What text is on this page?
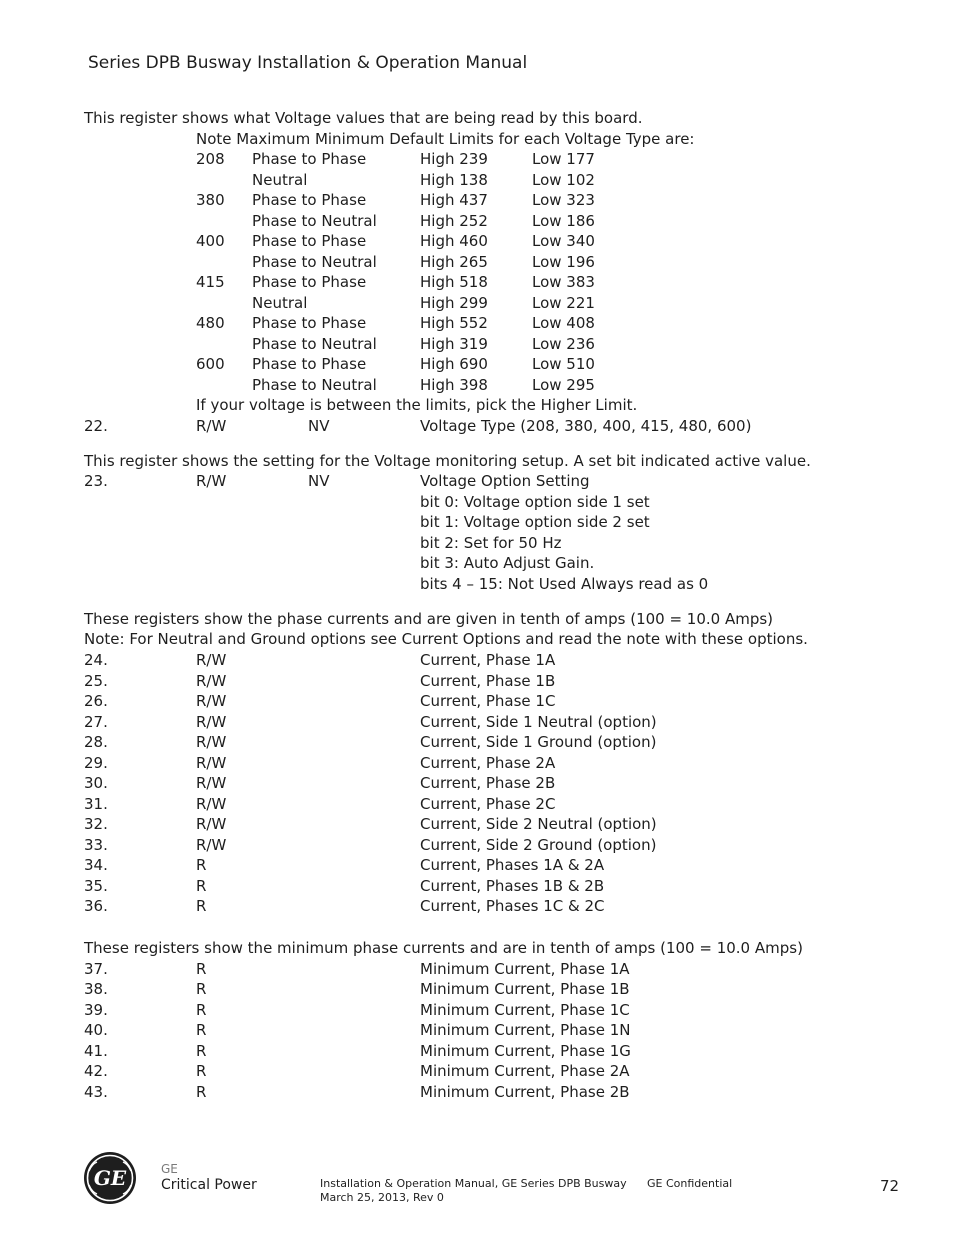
Series DPB Busway Installation & Operation Manual
This register shows what Voltage values that are being read by this board.
Note Maximum Minimum Default Limits for each Voltage Type are:
208 Phase to Phase	High 239	Low 177
Neutral	High 138	Low 102
380 Phase to Phase	High 437	Low 323
Phase to Neutral	High 252	Low 186
400 Phase to Phase	High 460	Low 340
Phase to Neutral	High 265	Low 196
415 Phase to Phase	High 518	Low 383
Neutral	High 299	Low 221
480 Phase to Phase	High 552	Low 408
Phase to Neutral	High 319	Low 236
600 Phase to Phase	High 690	Low 510
Phase to Neutral	High 398	Low 295
If your voltage is between the limits, pick the Higher Limit.
22.	R/W	NV	Voltage Type (208, 380, 400, 415, 480, 600)
This register shows the setting for the Voltage monitoring setup. A set bit indicated active value.
23.	R/W	NV	Voltage Option Setting
bit 0: Voltage option side 1 set
bit 1: Voltage option side 2 set
bit 2: Set for 50 Hz
bit 3: Auto Adjust Gain.
bits 4 – 15: Not Used Always read as 0
These registers show the phase currents and are given in tenth of amps (100 = 10.0 Amps)
Note: For Neutral and Ground options see Current Options and read the note with these options.
24.	R/W	Current, Phase 1A
25.	R/W	Current, Phase 1B
26.	R/W	Current, Phase 1C
27.	R/W	Current, Side 1 Neutral (option)
28.	R/W	Current, Side 1 Ground (option)
29.	R/W	Current, Phase 2A
30.	R/W	Current, Phase 2B
31.	R/W	Current, Phase 2C
32.	R/W	Current, Side 2 Neutral (option)
33.	R/W	Current, Side 2 Ground (option)
34.	R	Current, Phases 1A & 2A
35.	R	Current, Phases 1B & 2B
36.	R	Current, Phases 1C & 2C
These registers show the minimum phase currents and are in tenth of amps (100 = 10.0 Amps)
37.	R	Minimum Current, Phase 1A
38.	R	Minimum Current, Phase 1B
39.	R	Minimum Current, Phase 1C
40.	R	Minimum Current, Phase 1N
41.	R	Minimum Current, Phase 1G
42.	R	Minimum Current, Phase 2A
43.	R	Minimum Current, Phase 2B
GE	GE
Critical Power	Installation & Operation Manual, GE Series DPB Busway
March 25, 2013, Rev 0
GE Confidential	72
